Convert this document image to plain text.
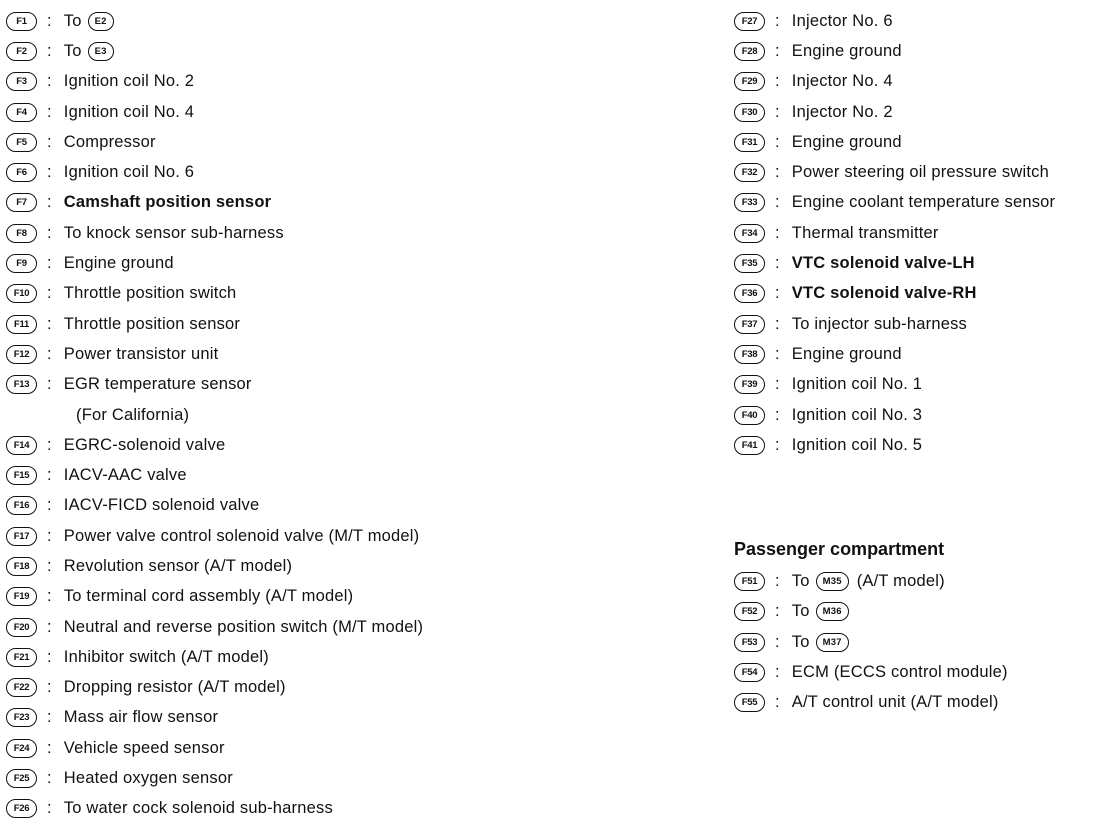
F1	: To	E2
F2	: To	E3
F3	: Ignition coil No. 2
F4	: Ignition coil No. 4
F5	: Compressor
F6	: Ignition coil No. 6
F7	: Camshaft position sensor
F8	: To knock sensor sub-harness
F9	: Engine ground
F10	: Throttle position switch
F11	: Throttle position sensor
F12	: Power transistor unit
F13	: EGR temperature sensor
(For California)
F14	: EGRC-solenoid valve
F15	: IACV-AAC valve
F16	: IACV-FICD solenoid valve
F17	: Power valve control solenoid valve (M/T model)
F18	: Revolution sensor (A/T model)
F19	: To terminal cord assembly (A/T model)
F20	: Neutral and reverse position switch (M/T model)
F21	: Inhibitor switch (A/T model)
F22	: Dropping resistor (A/T model)
F23	: Mass air flow sensor
F24	: Vehicle speed sensor
F25	: Heated oxygen sensor
F26	: To water cock solenoid sub-harness
F27	: Injector No. 6
F28	: Engine ground
F29	: Injector No. 4
F30	: Injector No. 2
F31	: Engine ground
F32	: Power steering oil pressure switch
F33	: Engine coolant temperature sensor
F34	: Thermal transmitter
F35	: VTC solenoid valve-LH
F36	: VTC solenoid valve-RH
F37	: To injector sub-harness
F38	: Engine ground
F39	: Ignition coil No. 1
F40	: Ignition coil No. 3
F41	: Ignition coil No. 5
Passenger compartment
F51	: To	M35 (A/T model)
F52	: To	M36
F53	: To	M37
F54	: ECM (ECCS control module)
F55	: A/T control unit (A/T model)
